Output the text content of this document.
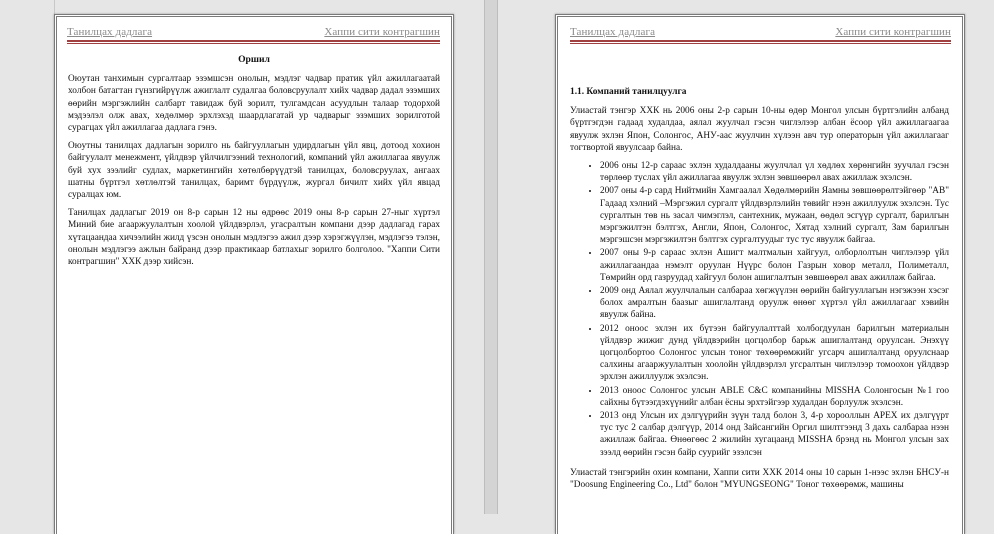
Танилцах дадлага	Хаппи сити контрагшин
Оршил

Оюутан танхимын сургалтаар эзэмшсэн онолын, мэдлэг чадвар пратик үйл ажиллагаатай холбон батагтан гүнзгийрүүлж ажиглалт судалгаа боловсруулалт хийх чадвар дадал эзэмших өөрийн мэргэжлийн салбарт тавидаж буй зорилт, тулгамдсан асуудлын талаар тодорхой мэдээлэл олж авах, хөдөлмөр эрхлэхэд шаардлагатай ур чадварыг эзэмших зорилготой сурагцах үйл ажиллагаа дадлага гэнэ.

Оюутны танилцах дадлагын зорилго нь байгууллагын удирдлагын үйл явц, дотоод хохион байгуулалт менежмент, үйлдвэр үйлчилгээний технологий, компаний үйл ажиллагаа явуулж буй хух зээлийг судлах, маркетингийн хөтөлбөрүүдтэй танилцах, боловсруулах, ангаах шатны бүртгэл хөтлөлтэй танилцах, баримт бүрдүүлж, жургал бичилт хийх үйл явцад суралцах юм.

Танилцах дадлагыг 2019 он 8-р сарын 12 ны өдрөөс 2019 оны 8-р сарын 27-ныг хүртэл Миний бие агааржуулалтын хоолой үйлдвэрлэл, угасралтын компани дээр дадлагад гарах хүтацаандаа хичээлийн жилд үзсэн онолын мэдлэгээ ажил дээр хэрэгжүүлэн, мэдлэгээ тэлэн, онолын мэдлэгээ ажлын байранд дээр практикаар батлахыг зорилго болголоо. "Хаппи Сити контрагшин" ХХК дээр хийсэн.

Танилцах дадлага	Хаппи сити контрагшин
1.1. Компаний танилцуулга

Улиастай тэнгэр ХХК нь 2006 оны 2-р сарын 10-ны өдөр Монгол улсын бүртгэлийн албанд бүртгэгдэн гадаад худалдаа, аялал жуулчал гэсэн чиглэлээр албан ёсоор үйл ажиллагаагаа явуулж эхлэн Япон, Солонгос, АНУ-аас жуулчин хүлээн авч тур операторын үйл ажиллагааг тогтвортой явуулсаар байна.

• 2006 оны 12-р сараас эхлэн худалдааны жуулчлал үл хөдлөх хөрөнгийн зуучлал гэсэн төрлөөр туслах үйл ажиллагаа явуулж эхлэн зөвшөөрөл авах ажиллаж эхэлсэн.
• 2007 оны 4-р сард Нийтмийн Хамгаалал Хөдөлмөрийн Яамны зөвшөөрөлтэйгөөр "АВ" Гадаад хэлний –Мэргэжил сургалт үйлдвэрлэлийн төвийг нээн ажиллуулж эхэлсэн. Тус сургалтын төв нь засал чимэглэл, сантехник, мужаан, өөдөл эсгүүр сургалт, барилгын мэргэжилтэн бэлтгэх, Англи, Япон, Солонгос, Хятад хэлний сургалт, Зам барилгын мэргэшсэн мэргэжилтэн бэлтгэх сургалтуудыг тус тус явуулж байгаа.
• 2007 оны 9-р сараас эхлэн Ашигт малтмалын хайгуул, олборлолтын чиглэлээр үйл ажиллагаандаа нэмэлт оруулан Нүүрс болон Газрын ховор металл, Полиметалл, Төмрийн орд газруудад хайгуул болон ашиглалтын зөвшөөрөл авах ажиллаж байгаа.
• 2009 онд Аялал жуулчлалын салбараа хөгжүүлэн өөрийн байгууллагын нэгэжээн хэсэг болох амралтын баазыг ашиглалтанд оруулж өнөөг хүртэл үйл ажиллагааг хэвийн явуулж байна.
• 2012 оноос эхлэн их бүтээн байгуулалттай холбогдуулан барилгын материалын үйлдвэр жижиг дунд үйлдвэрийн цогцолбор барьж ашиглалтанд оруулсан. Энэхүү цогцолбортоо Солонгос улсын тоног төхөөрөмжийг угсарч ашиглалтанд оруулснаар салхины агааржуулалтын хоолойн үйлдвэрлэл угсралтын чиглэлээр томоохон үйлдвэр эрхлэн ажиллуулж эхэлсэн.
• 2013 оноос Солонгос улсын ABLE C&C компанийны MISSHA Солонгосын №1 гоо сайхны бүтээгдэхүүнийг албан ёсны эрхтэйгээр худалдан борлуулж эхэлсэн.
• 2013 онд Улсын их дэлгүүрийн зүүн талд болон 3, 4-р хорооллын APEX их дэлгүүрт тус тус 2 салбар дэлгүүр, 2014 онд Зайсангийн Оргил шилтгээнд 3 дахь салбараа нээн ажиллаж байгаа. Өнөөгөөс 2 жилийн хугацаанд MISSHA брэнд нь Монгол улсын зах зээлд өөрийн гэсэн байр суурийг эзэлсэн

Улиастай тэнгэрийн охин компани, Хаппи сити ХХК 2014 оны 10 сарын 1-нээс эхлэн БНСУ-н "Doosung Engineering Co., Ltd" болон "MYUNGSEONG" Тоног төхөөрөмж, машины
